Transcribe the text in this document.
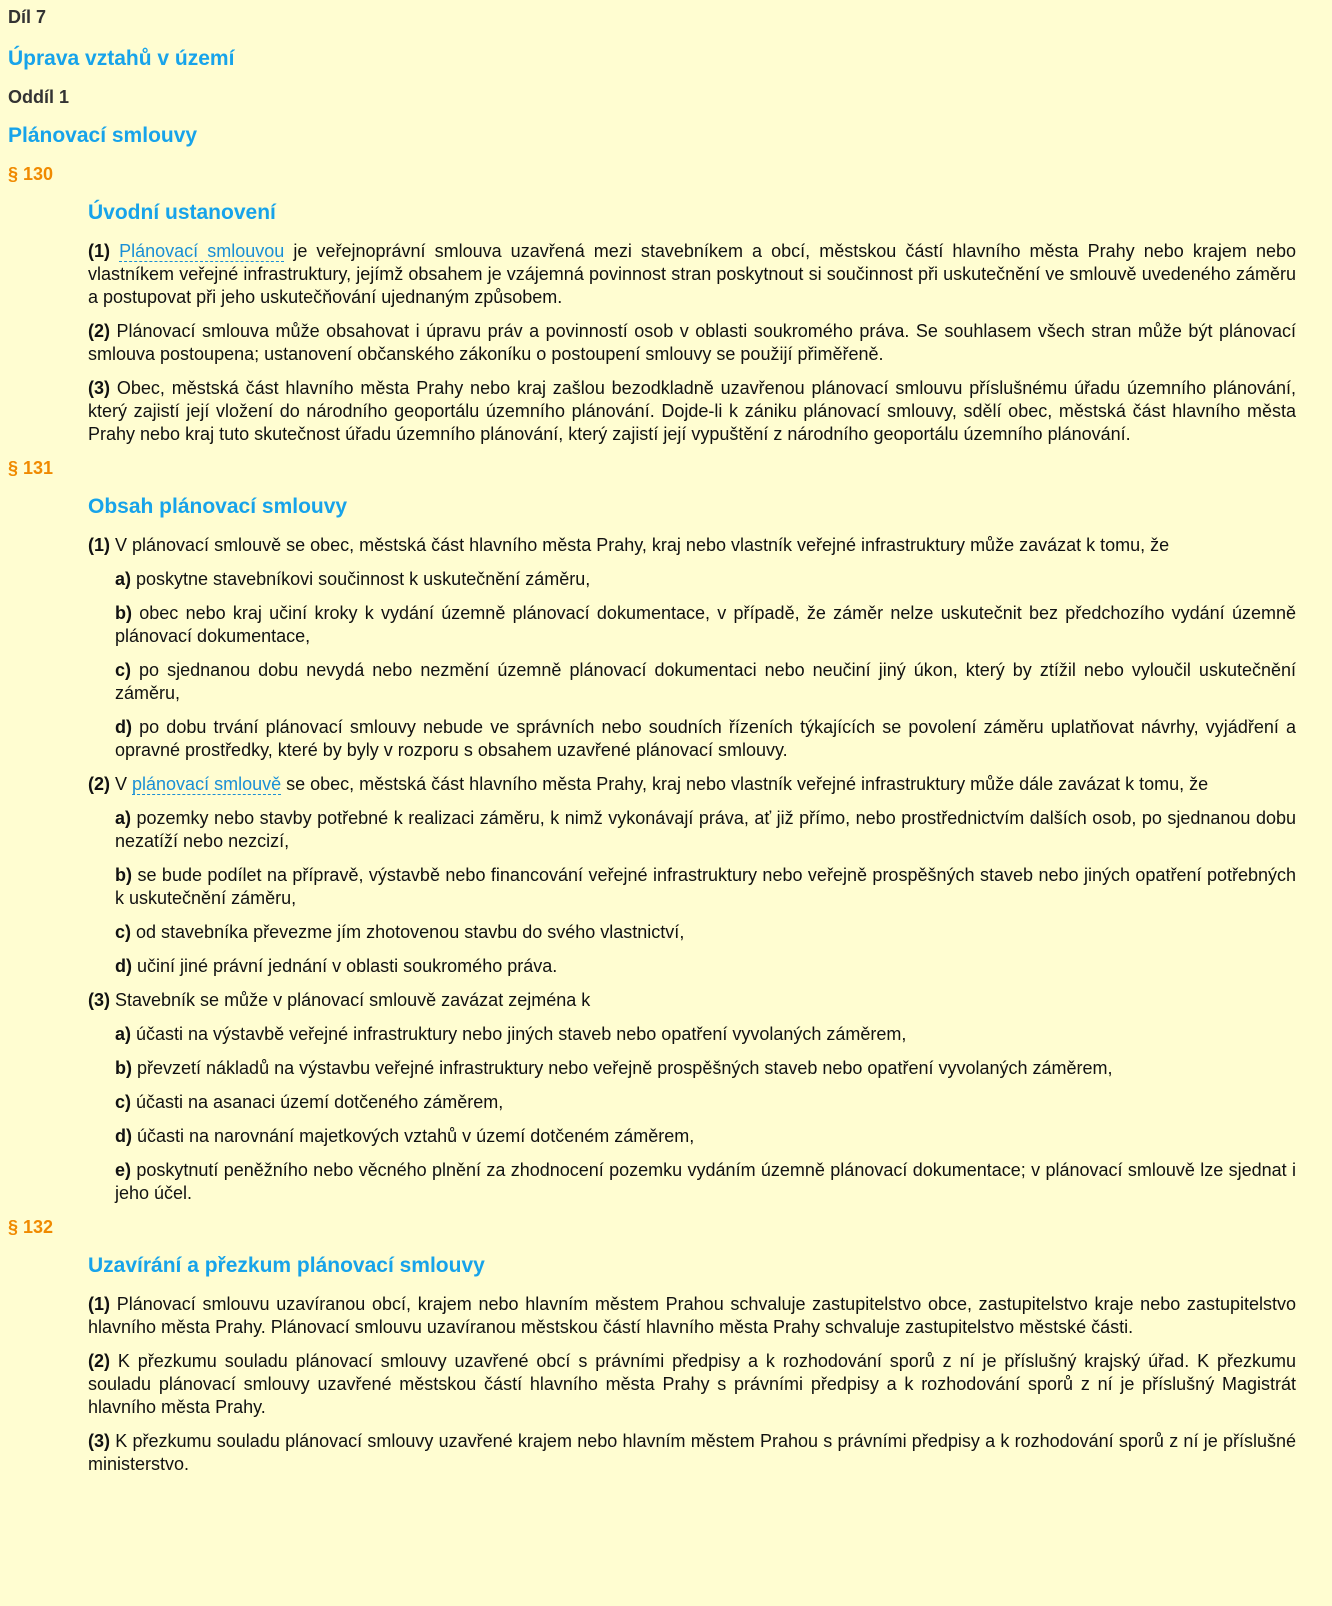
Díl 7
Úprava vztahů v území
Oddíl 1
Plánovací smlouvy
§ 130
Úvodní ustanovení
(1) Plánovací smlouvou je veřejnoprávní smlouva uzavřená mezi stavebníkem a obcí, městskou částí hlavního města Prahy nebo krajem nebo vlastníkem veřejné infrastruktury, jejímž obsahem je vzájemná povinnost stran poskytnout si součinnost při uskutečnění ve smlouvě uvedeného záměru a postupovat při jeho uskutečňování ujednaným způsobem.
(2) Plánovací smlouva může obsahovat i úpravu práv a povinností osob v oblasti soukromého práva. Se souhlasem všech stran může být plánovací smlouva postoupena; ustanovení občanského zákoníku o postoupení smlouvy se použijí přiměřeně.
(3) Obec, městská část hlavního města Prahy nebo kraj zašlou bezodkladně uzavřenou plánovací smlouvu příslušnému úřadu územního plánování, který zajistí její vložení do národního geoportálu územního plánování. Dojde-li k zániku plánovací smlouvy, sdělí obec, městská část hlavního města Prahy nebo kraj tuto skutečnost úřadu územního plánování, který zajistí její vypuštění z národního geoportálu územního plánování.
§ 131
Obsah plánovací smlouvy
(1) V plánovací smlouvě se obec, městská část hlavního města Prahy, kraj nebo vlastník veřejné infrastruktury může zavázat k tomu, že
a) poskytne stavebníkovi součinnost k uskutečnění záměru,
b) obec nebo kraj učiní kroky k vydání územně plánovací dokumentace, v případě, že záměr nelze uskutečnit bez předchozího vydání územně plánovací dokumentace,
c) po sjednanou dobu nevydá nebo nezmění územně plánovací dokumentaci nebo neučiní jiný úkon, který by ztížil nebo vyloučil uskutečnění záměru,
d) po dobu trvání plánovací smlouvy nebude ve správních nebo soudních řízeních týkajících se povolení záměru uplatňovat návrhy, vyjádření a opravné prostředky, které by byly v rozporu s obsahem uzavřené plánovací smlouvy.
(2) V plánovací smlouvě se obec, městská část hlavního města Prahy, kraj nebo vlastník veřejné infrastruktury může dále zavázat k tomu, že
a) pozemky nebo stavby potřebné k realizaci záměru, k nimž vykonávají práva, ať již přímo, nebo prostřednictvím dalších osob, po sjednanou dobu nezatíží nebo nezcizí,
b) se bude podílet na přípravě, výstavbě nebo financování veřejné infrastruktury nebo veřejně prospěšných staveb nebo jiných opatření potřebných k uskutečnění záměru,
c) od stavebníka převezme jím zhotovenou stavbu do svého vlastnictví,
d) učiní jiné právní jednání v oblasti soukromého práva.
(3) Stavebník se může v plánovací smlouvě zavázat zejména k
a) účasti na výstavbě veřejné infrastruktury nebo jiných staveb nebo opatření vyvolaných záměrem,
b) převzetí nákladů na výstavbu veřejné infrastruktury nebo veřejně prospěšných staveb nebo opatření vyvolaných záměrem,
c) účasti na asanaci území dotčeného záměrem,
d) účasti na narovnání majetkových vztahů v území dotčeném záměrem,
e) poskytnutí peněžního nebo věcného plnění za zhodnocení pozemku vydáním územně plánovací dokumentace; v plánovací smlouvě lze sjednat i jeho účel.
§ 132
Uzavírání a přezkum plánovací smlouvy
(1) Plánovací smlouvu uzavíranou obcí, krajem nebo hlavním městem Prahou schvaluje zastupitelstvo obce, zastupitelstvo kraje nebo zastupitelstvo hlavního města Prahy. Plánovací smlouvu uzavíranou městskou částí hlavního města Prahy schvaluje zastupitelstvo městské části.
(2) K přezkumu souladu plánovací smlouvy uzavřené obcí s právními předpisy a k rozhodování sporů z ní je příslušný krajský úřad. K přezkumu souladu plánovací smlouvy uzavřené městskou částí hlavního města Prahy s právními předpisy a k rozhodování sporů z ní je příslušný Magistrát hlavního města Prahy.
(3) K přezkumu souladu plánovací smlouvy uzavřené krajem nebo hlavním městem Prahou s právními předpisy a k rozhodování sporů z ní je příslušné ministerstvo.
